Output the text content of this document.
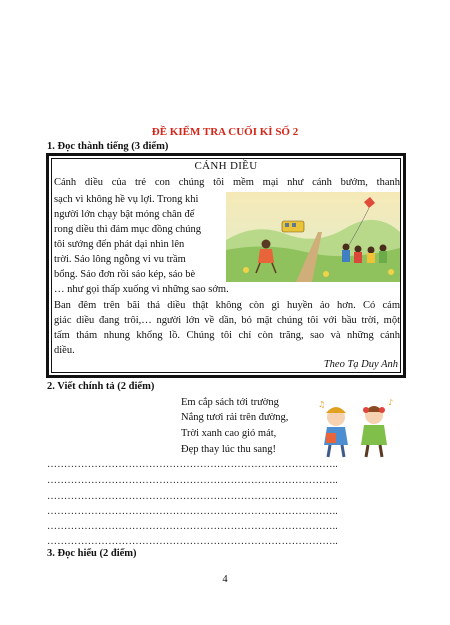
ĐỀ KIỂM TRA CUỐI KÌ SỐ 2
1. Đọc thành tiếng (3 điểm)
CÁNH DIỀU
Cánh diều của trẻ con chúng tôi mềm mại như cánh bướm, thanh
sạch vì không hề vụ lợi. Trong khi
người lớn chạy bật móng chân để
rong diều thì đám mục đồng chúng
tôi sướng đến phát dại nhìn lên
trời. Sáo lông ngỗng vi vu trầm
bổng. Sáo đơn rồi sáo kép, sáo bè
… như gọi thấp xuống vì những sao sớm.
Ban đêm trên bãi thả diều thật không còn gì huyền ảo hơn. Có cảm
giác diều đang trôi,… người lớn về dần, bỏ mặt chúng tôi với bầu trời, một
tấm thảm nhung khổng lồ. Chúng tôi chỉ còn trăng, sao và những cánh
diều.
Theo Tạ Duy Anh
2. Viết chính tả (2 điểm)
Em cắp sách tới trường
Nắng tươi rải trên đường,
Trời xanh cao gió mát,
Đẹp thay lúc thu sang!
♫	♪
…………………………………………………………………………..
…………………………………………………………………………..
…………………………………………………………………………..
…………………………………………………………………………..
…………………………………………………………………………..
…………………………………………………………………………..
3. Đọc hiểu (2 điểm)
4
